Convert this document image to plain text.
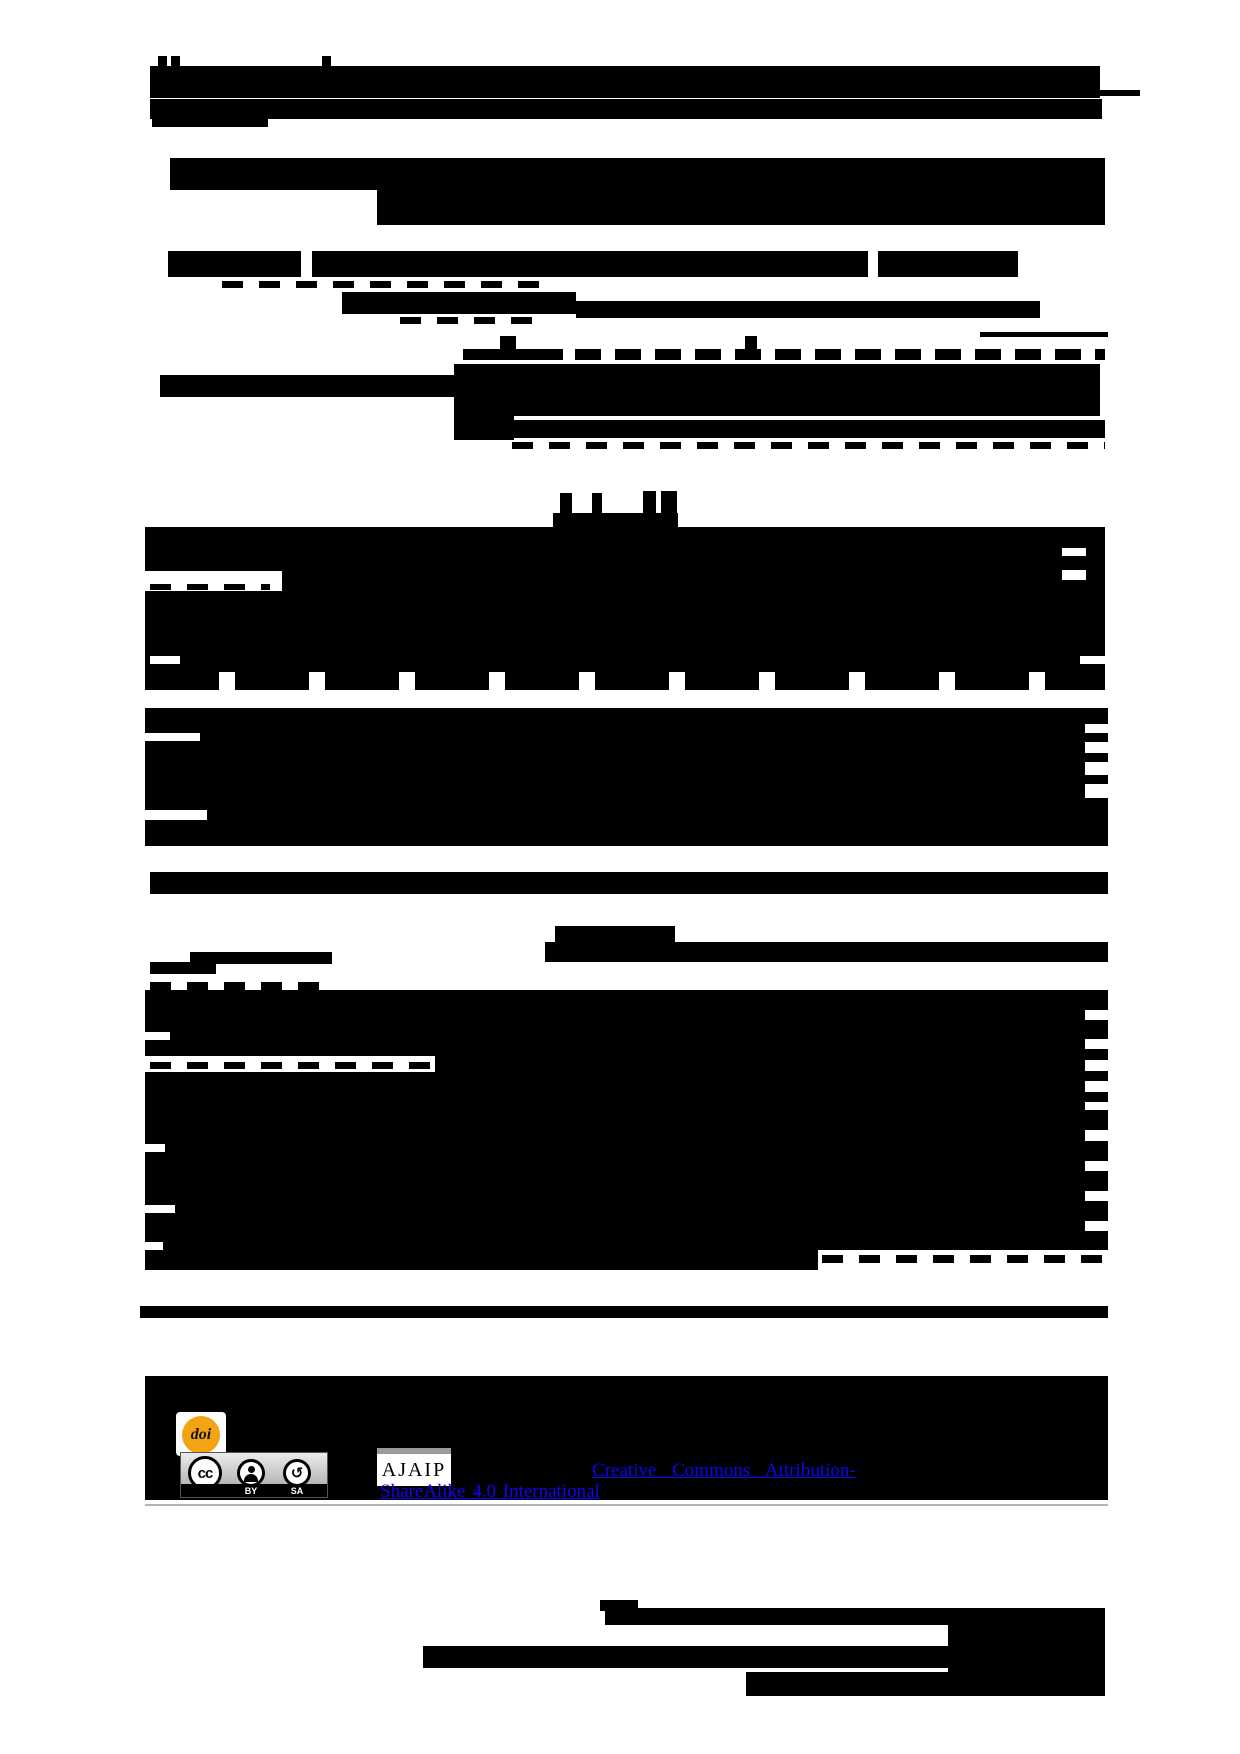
doi
cc	↺
BY	SA
AJAIP	Creative Commons Attribution-
ShareAlike 4.0 International
